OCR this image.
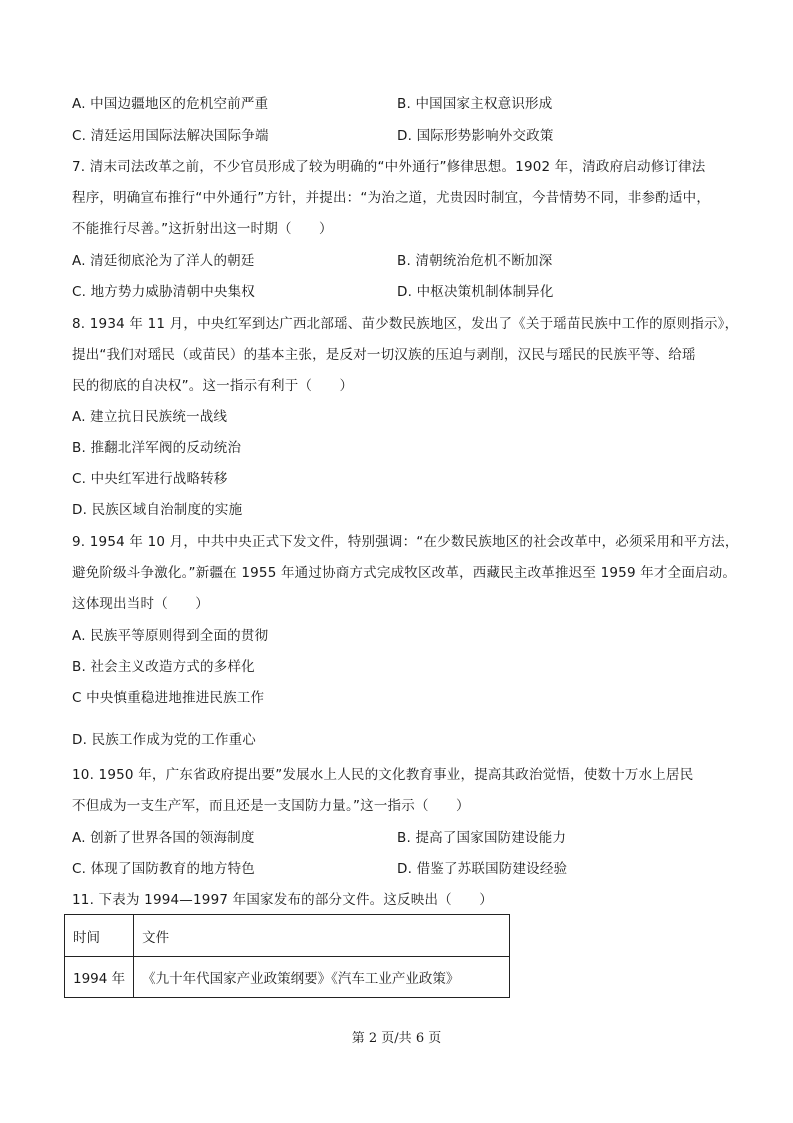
A. 中国边疆地区的危机空前严重	B. 中国国家主权意识形成
C. 清廷运用国际法解决国际争端	D. 国际形势影响外交政策
7. 清末司法改革之前，不少官员形成了较为明确的“中外通行”修律思想。1902 年，清政府启动修订律法
程序，明确宣布推行“中外通行”方针，并提出：“为治之道，尤贵因时制宜，今昔情势不同，非参酌适中，
不能推行尽善。”这折射出这一时期（　　）
A. 清廷彻底沦为了洋人的朝廷	B. 清朝统治危机不断加深
C. 地方势力威胁清朝中央集权	D. 中枢决策机制体制异化
8. 1934 年 11 月，中央红军到达广西北部瑶、苗少数民族地区，发出了《关于瑶苗民族中工作的原则指示》，
提出“我们对瑶民（或苗民）的基本主张，是反对一切汉族的压迫与剥削，汉民与瑶民的民族平等、给瑶
民的彻底的自决权”。这一指示有利于（　　）
A. 建立抗日民族统一战线
B. 推翻北洋军阀的反动统治
C. 中央红军进行战略转移
D. 民族区域自治制度的实施
9. 1954 年 10 月，中共中央正式下发文件，特别强调：“在少数民族地区的社会改革中，必须采用和平方法，
避免阶级斗争激化。”新疆在 1955 年通过协商方式完成牧区改革，西藏民主改革推迟至 1959 年才全面启动。
这体现出当时（　　）
A. 民族平等原则得到全面的贯彻
B. 社会主义改造方式的多样化
C 中央慎重稳进地推进民族工作
D. 民族工作成为党的工作重心
10. 1950 年，广东省政府提出要”发展水上人民的文化教育事业，提高其政治觉悟，使数十万水上居民
不但成为一支生产军，而且还是一支国防力量。”这一指示（　　）
A. 创新了世界各国的领海制度	B. 提高了国家国防建设能力
C. 体现了国防教育的地方特色	D. 借鉴了苏联国防建设经验
11. 下表为 1994—1997 年国家发布的部分文件。这反映出（　　）
时间	文件
1994 年	《九十年代国家产业政策纲要》《汽车工业产业政策》
第 2 页/共 6 页
